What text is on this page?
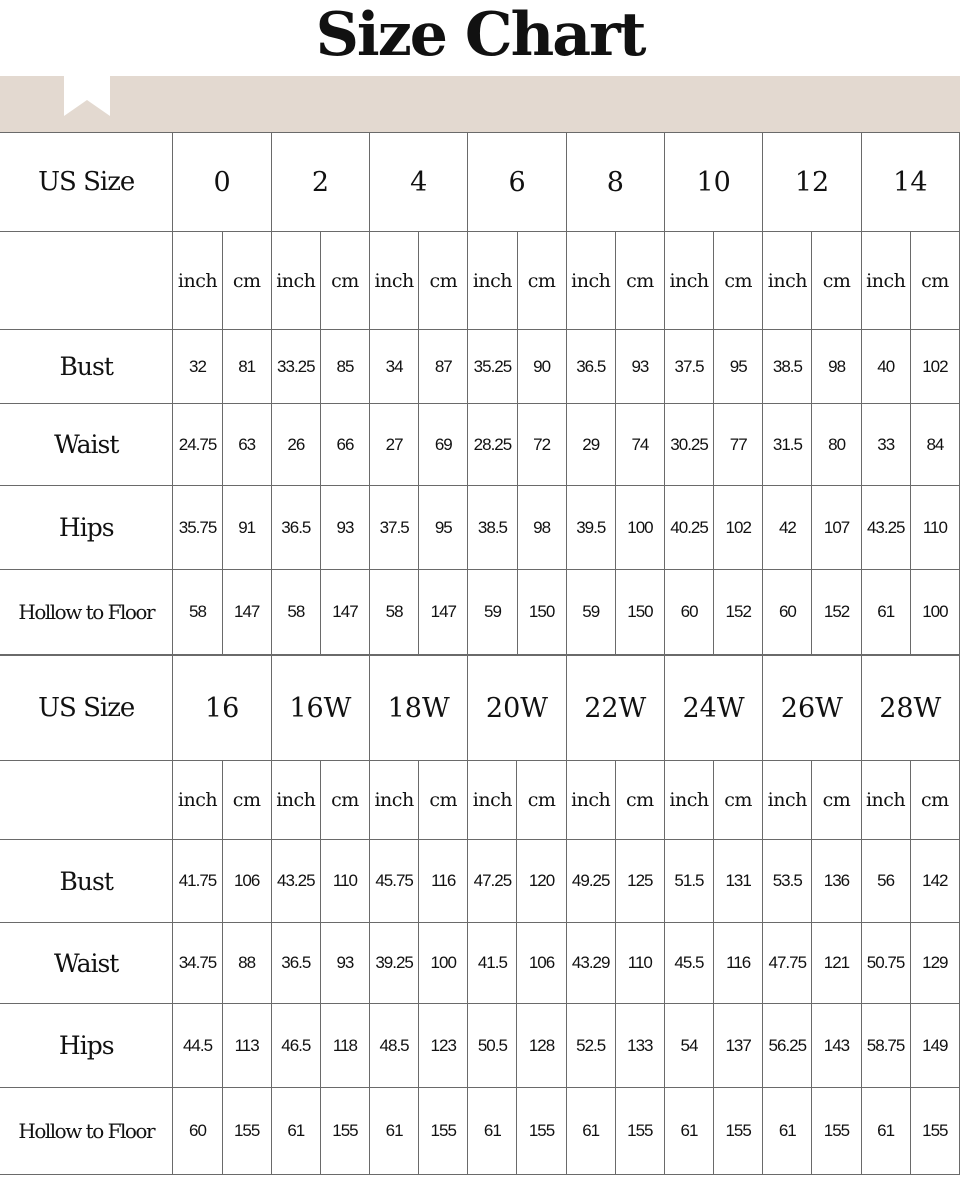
Size Chart
US Size	0		2		4		6		8		10		12		14	
	inch	cm	inch	cm	inch	cm	inch	cm	inch	cm	inch	cm	inch	cm	inch	cm
Bust	32	81	33.25	85	34	87	35.25	90	36.5	93	37.5	95	38.5	98	40	102
Waist	24.75	63	26	66	27	69	28.25	72	29	74	30.25	77	31.5	80	33	84
Hips	35.75	91	36.5	93	37.5	95	38.5	98	39.5	100	40.25	102	42	107	43.25	110
Hollow to Floor	58	147	58	147	58	147	59	150	59	150	60	152	60	152	61	100
US Size	16		16W		18W		20W		22W		24W		26W		28W	
	inch	cm	inch	cm	inch	cm	inch	cm	inch	cm	inch	cm	inch	cm	inch	cm
Bust	41.75	106	43.25	110	45.75	116	47.25	120	49.25	125	51.5	131	53.5	136	56	142
Waist	34.75	88	36.5	93	39.25	100	41.5	106	43.29	110	45.5	116	47.75	121	50.75	129
Hips	44.5	113	46.5	118	48.5	123	50.5	128	52.5	133	54	137	56.25	143	58.75	149
Hollow to Floor	60	155	61	155	61	155	61	155	61	155	61	155	61	155	61	155
